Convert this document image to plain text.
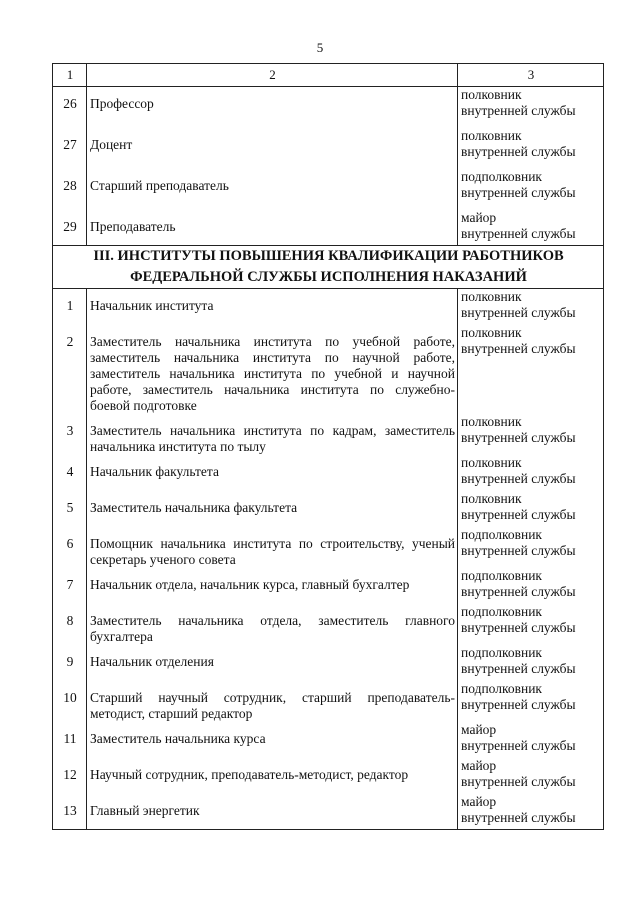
5
1	2	3
26	Профессор	полковник
внутренней службы

27	Доцент	полковник
внутренней службы

28	Старший преподаватель	подполковник
внутренней службы

29	Преподаватель	майор
внутренней службы

III. ИНСТИТУТЫ ПОВЫШЕНИЯ КВАЛИФИКАЦИИ РАБОТНИКОВ
ФЕДЕРАЛЬНОЙ СЛУЖБЫ ИСПОЛНЕНИЯ НАКАЗАНИЙ		

1	Начальник института	полковник
внутренней службы

2	Заместитель начальника института по учебной работе, заместитель начальника института по научной работе, заместитель начальника института по учебной и научной работе, заместитель начальника института по служебно-боевой подготовке	полковник
внутренней службы

3	Заместитель начальника института по кадрам, заместитель начальника института по тылу	полковник
внутренней службы

4	Начальник факультета	полковник
внутренней службы

5	Заместитель начальника факультета	полковник
внутренней службы

6	Помощник начальника института по строительству, ученый секретарь ученого совета	подполковник
внутренней службы

7	Начальник отдела, начальник курса, главный бухгалтер	подполковник
внутренней службы

8	Заместитель начальника отдела, заместитель главного бухгалтера	подполковник
внутренней службы

9	Начальник отделения	подполковник
внутренней службы

10	Старший научный сотрудник, старший преподаватель-методист, старший редактор	подполковник
внутренней службы

11	Заместитель начальника курса	майор
внутренней службы

12	Научный сотрудник, преподаватель-методист, редактор	майор
внутренней службы

13	Главный энергетик	майор
внутренней службы
